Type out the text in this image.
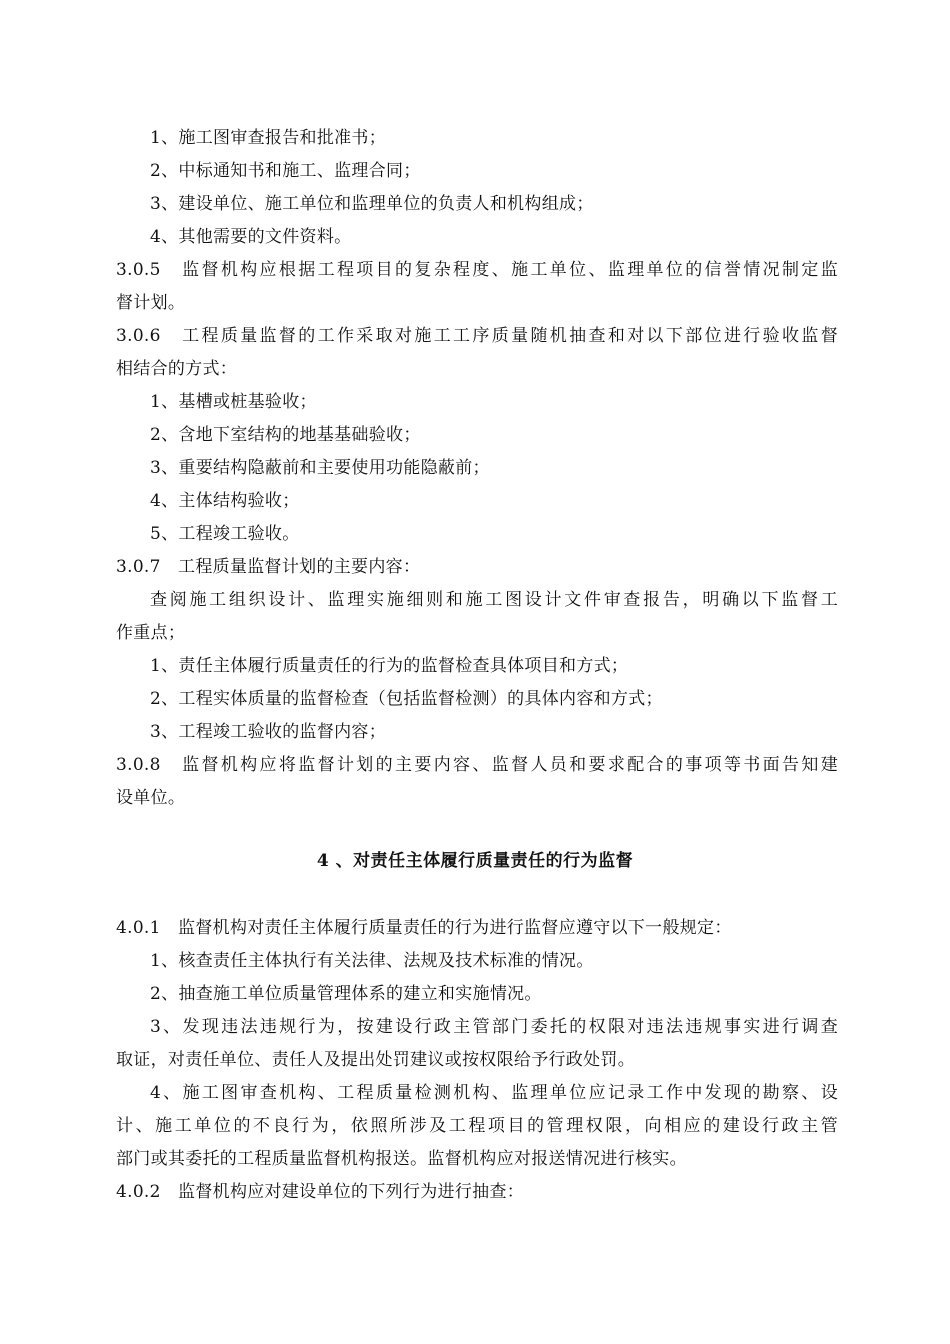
1、施工图审查报告和批准书；
2、中标通知书和施工、监理合同；
3、建设单位、施工单位和监理单位的负责人和机构组成；
4、其他需要的文件资料。
3.0.5　监督机构应根据工程项目的复杂程度、施工单位、监理单位的信誉情况制定监
督计划。
3.0.6　工程质量监督的工作采取对施工工序质量随机抽查和对以下部位进行验收监督
相结合的方式：
1、基槽或桩基验收；
2、含地下室结构的地基基础验收；
3、重要结构隐蔽前和主要使用功能隐蔽前；
4、主体结构验收；
5、工程竣工验收。
3.0.7　工程质量监督计划的主要内容：
查阅施工组织设计、监理实施细则和施工图设计文件审查报告，明确以下监督工
作重点；
1、责任主体履行质量责任的行为的监督检查具体项目和方式；
2、工程实体质量的监督检查（包括监督检测）的具体内容和方式；
3、工程竣工验收的监督内容；
3.0.8　监督机构应将监督计划的主要内容、监督人员和要求配合的事项等书面告知建
设单位。
4 、对责任主体履行质量责任的行为监督
4.0.1　监督机构对责任主体履行质量责任的行为进行监督应遵守以下一般规定：
1、核查责任主体执行有关法律、法规及技术标准的情况。
2、抽查施工单位质量管理体系的建立和实施情况。
3、发现违法违规行为，按建设行政主管部门委托的权限对违法违规事实进行调查
取证，对责任单位、责任人及提出处罚建议或按权限给予行政处罚。
4、施工图审查机构、工程质量检测机构、监理单位应记录工作中发现的勘察、设
计、施工单位的不良行为，依照所涉及工程项目的管理权限，向相应的建设行政主管
部门或其委托的工程质量监督机构报送。监督机构应对报送情况进行核实。
4.0.2　监督机构应对建设单位的下列行为进行抽查：
